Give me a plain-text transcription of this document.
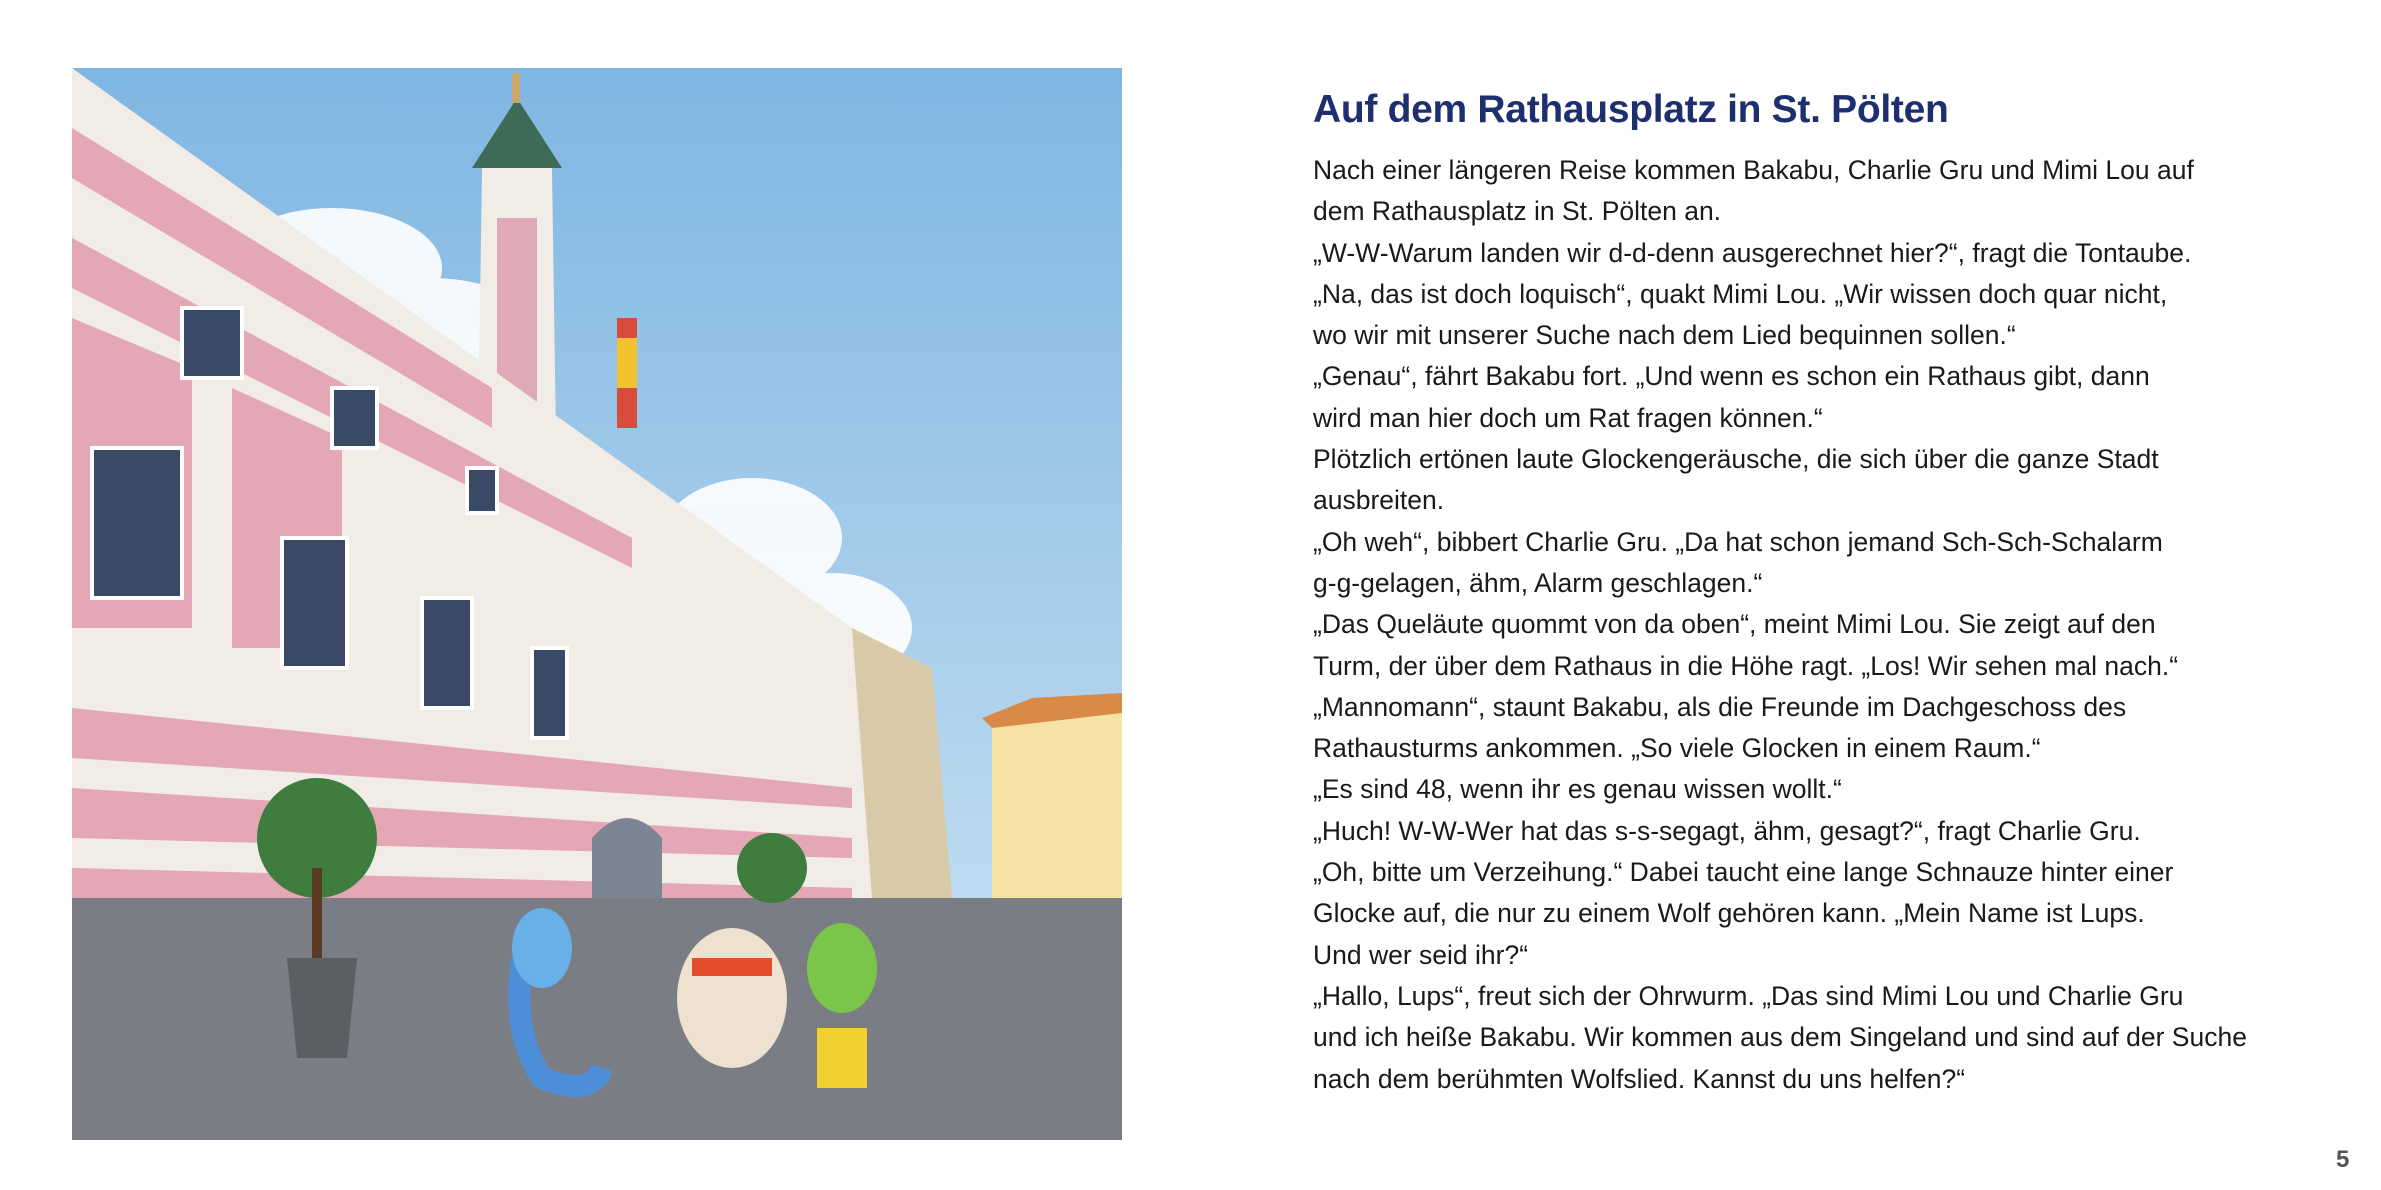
Auf dem Rathausplatz in St. Pölten
Nach einer längeren Reise kommen Bakabu, Charlie Gru und Mimi Lou auf
dem Rathausplatz in St. Pölten an.
„W-W-Warum landen wir d-d-denn ausgerechnet hier?“, fragt die Tontaube.
„Na, das ist doch loquisch“, quakt Mimi Lou. „Wir wissen doch quar nicht,
wo wir mit unserer Suche nach dem Lied bequinnen sollen.“
„Genau“, fährt Bakabu fort. „Und wenn es schon ein Rathaus gibt, dann
wird man hier doch um Rat fragen können.“
Plötzlich ertönen laute Glockengeräusche, die sich über die ganze Stadt
ausbreiten.
„Oh weh“, bibbert Charlie Gru. „Da hat schon jemand Sch-Sch-Schalarm
g-g-gelagen, ähm, Alarm geschlagen.“
„Das Queläute quommt von da oben“, meint Mimi Lou. Sie zeigt auf den
Turm, der über dem Rathaus in die Höhe ragt. „Los! Wir sehen mal nach.“
„Mannomann“, staunt Bakabu, als die Freunde im Dachgeschoss des
Rathausturms ankommen. „So viele Glocken in einem Raum.“
„Es sind 48, wenn ihr es genau wissen wollt.“
„Huch! W-W-Wer hat das s-s-segagt, ähm, gesagt?“, fragt Charlie Gru.
„Oh, bitte um Verzeihung.“ Dabei taucht eine lange Schnauze hinter einer
Glocke auf, die nur zu einem Wolf gehören kann. „Mein Name ist Lups.
Und wer seid ihr?“
„Hallo, Lups“, freut sich der Ohrwurm. „Das sind Mimi Lou und Charlie Gru
und ich heiße Bakabu. Wir kommen aus dem Singeland und sind auf der Suche
nach dem berühmten Wolfslied. Kannst du uns helfen?“
5
